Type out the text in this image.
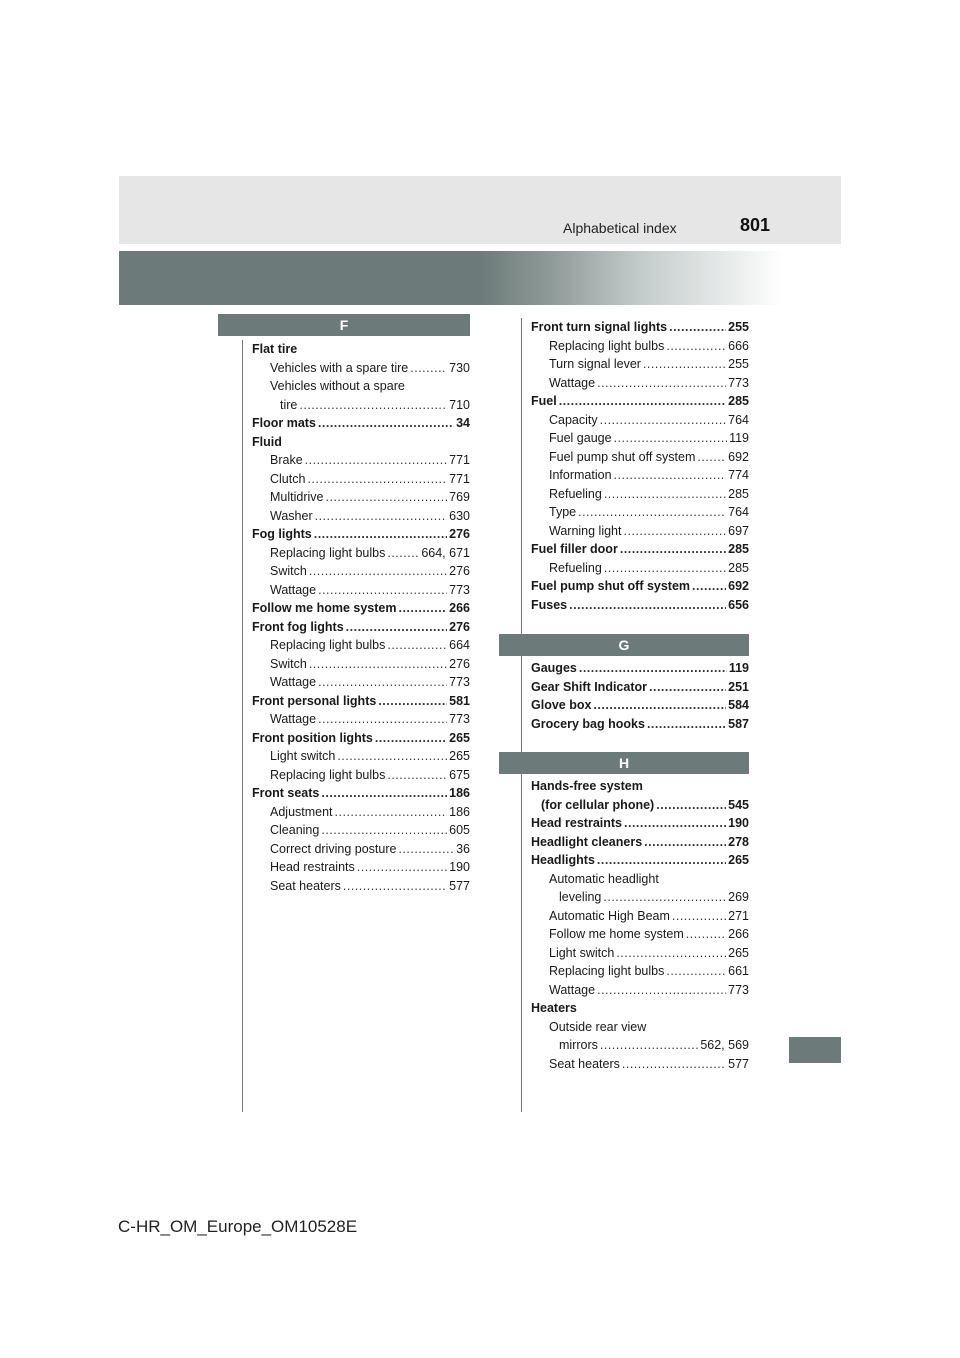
Alphabetical index	801
F
Flat tire
Vehicles with a spare tire .....	730
Vehicles without a spare
tire .....	710
Floor mats .....	34
Fluid
Brake .....	771
Clutch .....	771
Multidrive .....	769
Washer .....	630
Fog lights .....	276
Replacing light bulbs .....	664, 671
Switch .....	276
Wattage .....	773
Follow me home system .....	266
Front fog lights .....	276
Replacing light bulbs .....	664
Switch .....	276
Wattage .....	773
Front personal lights .....	581
Wattage .....	773
Front position lights .....	265
Light switch .....	265
Replacing light bulbs .....	675
Front seats .....	186
Adjustment .....	186
Cleaning .....	605
Correct driving posture .....	36
Head restraints .....	190
Seat heaters .....	577
Front turn signal lights .....	255
Replacing light bulbs .....	666
Turn signal lever .....	255
Wattage .....	773
Fuel .....	285
Capacity .....	764
Fuel gauge .....	119
Fuel pump shut off system .....	692
Information .....	774
Refueling .....	285
Type .....	764
Warning light .....	697
Fuel filler door .....	285
Refueling .....	285
Fuel pump shut off system .....	692
Fuses .....	656
G
Gauges .....	119
Gear Shift Indicator .....	251
Glove box .....	584
Grocery bag hooks .....	587
H
Hands-free system
(for cellular phone) .....	545
Head restraints .....	190
Headlight cleaners .....	278
Headlights .....	265
Automatic headlight
leveling .....	269
Automatic High Beam .....	271
Follow me home system .....	266
Light switch .....	265
Replacing light bulbs .....	661
Wattage .....	773
Heaters
Outside rear view
mirrors .....	562, 569
Seat heaters .....	577
C-HR_OM_Europe_OM10528E
